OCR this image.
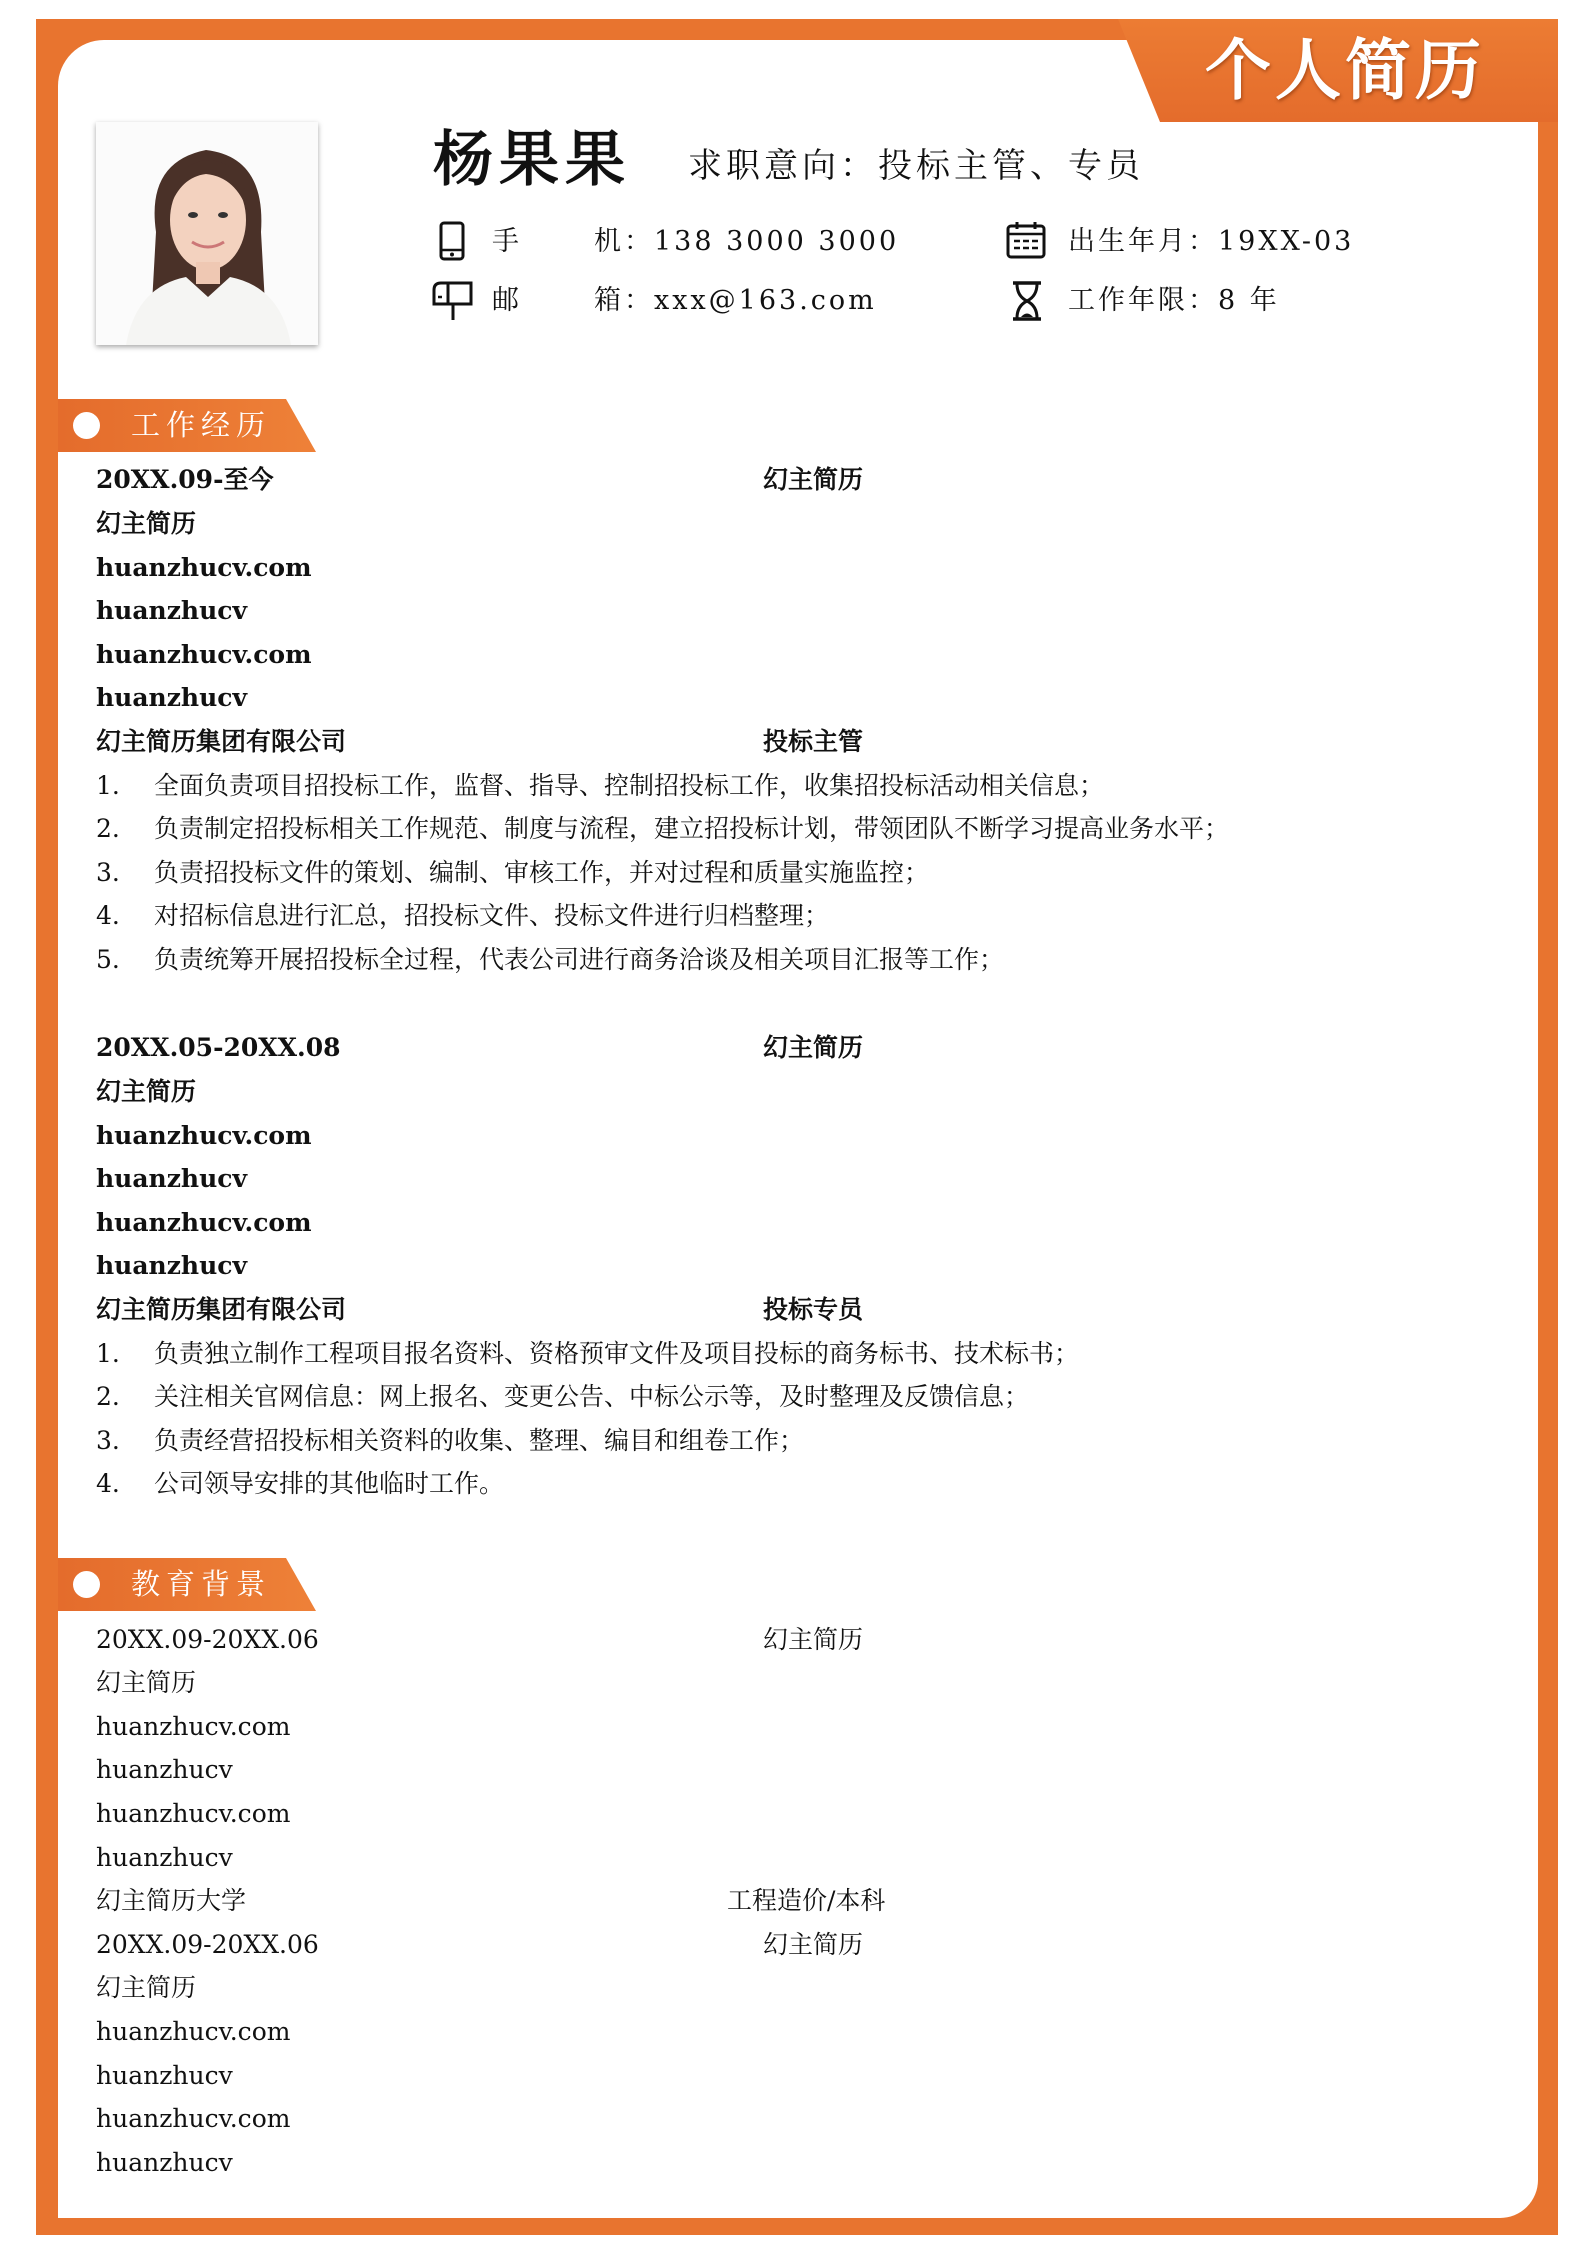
个人简历
杨果果 求职意向：投标主管、专员
手	机：138 3000 3000
邮	箱：xxx@163.com
出生年月：19XX-03
工作年限：8 年
工作经历
20XX.09-至今	幻主简历
幻主简历
huanzhucv.com
huanzhucv
huanzhucv.com
huanzhucv
幻主简历集团有限公司	投标主管
1. 全面负责项目招投标工作，监督、指导、控制招投标工作，收集招投标活动相关信息；
2. 负责制定招投标相关工作规范、制度与流程，建立招投标计划，带领团队不断学习提高业务水平；
3. 负责招投标文件的策划、编制、审核工作，并对过程和质量实施监控；
4. 对招标信息进行汇总，招投标文件、投标文件进行归档整理；
5. 负责统筹开展招投标全过程，代表公司进行商务洽谈及相关项目汇报等工作；
20XX.05-20XX.08	幻主简历
幻主简历
huanzhucv.com
huanzhucv
huanzhucv.com
huanzhucv
幻主简历集团有限公司	投标专员
1. 负责独立制作工程项目报名资料、资格预审文件及项目投标的商务标书、技术标书；
2. 关注相关官网信息：网上报名、变更公告、中标公示等，及时整理及反馈信息；
3. 负责经营招投标相关资料的收集、整理、编目和组卷工作；
4. 公司领导安排的其他临时工作。
教育背景
20XX.09-20XX.06	幻主简历
幻主简历
huanzhucv.com
huanzhucv
huanzhucv.com
huanzhucv
幻主简历大学	工程造价/本科
20XX.09-20XX.06	幻主简历
幻主简历
huanzhucv.com
huanzhucv
huanzhucv.com
huanzhucv
